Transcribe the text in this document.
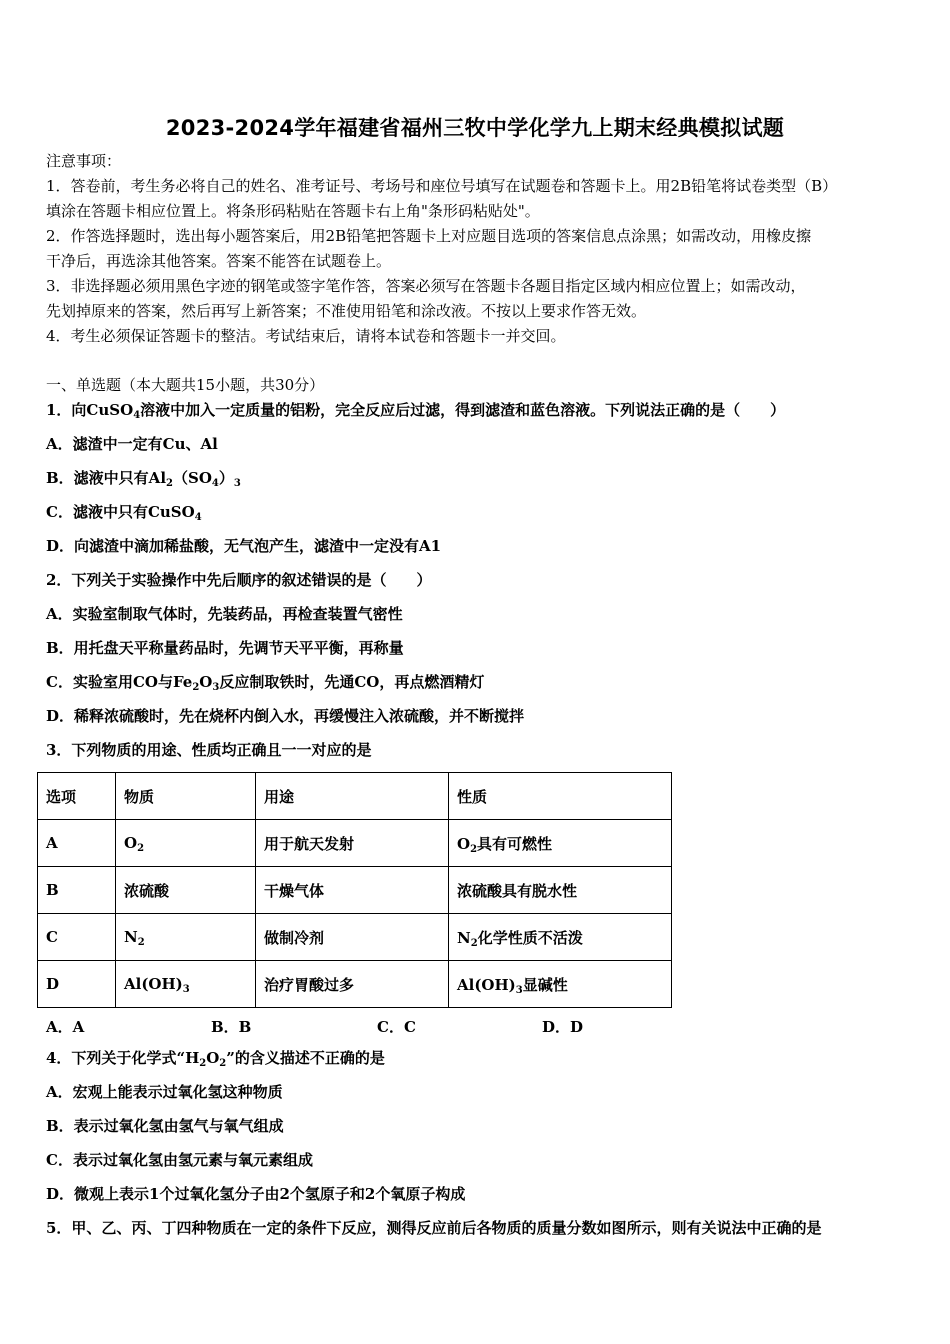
2023-2024学年福建省福州三牧中学化学九上期末经典模拟试题
注意事项：
1．答卷前，考生务必将自己的姓名、准考证号、考场号和座位号填写在试题卷和答题卡上。用2B铅笔将试卷类型（B）
填涂在答题卡相应位置上。将条形码粘贴在答题卡右上角"条形码粘贴处"。
2．作答选择题时，选出每小题答案后，用2B铅笔把答题卡上对应题目选项的答案信息点涂黑；如需改动，用橡皮擦
干净后，再选涂其他答案。答案不能答在试题卷上。
3．非选择题必须用黑色字迹的钢笔或签字笔作答，答案必须写在答题卡各题目指定区域内相应位置上；如需改动，
先划掉原来的答案，然后再写上新答案；不准使用铅笔和涂改液。不按以上要求作答无效。
4．考生必须保证答题卡的整洁。考试结束后，请将本试卷和答题卡一并交回。
一、单选题（本大题共15小题，共30分）
1．向CuSO$_4$溶液中加入一定质量的铝粉，完全反应后过滤，得到滤渣和蓝色溶液。下列说法正确的是（　　）
A．滤渣中一定有Cu、Al
B．滤液中只有$Al_2(SO_4)_3$
C．滤液中只有CuSO$_4$
D．向滤渣中滴加稀盐酸，无气泡产生，滤渣中一定没有A1
2．下列关于实验操作中先后顺序的叙述错误的是（　　）
A．实验室制取气体时，先装药品，再检查装置气密性
B．用托盘天平称量药品时，先调节天平平衡，再称量
C．实验室用CO与$Fe_2O_3$反应制取铁时，先通CO，再点燃酒精灯
D．稀释浓硫酸时，先在烧杯内倒入水，再缓慢注入浓硫酸，并不断搅拌
3．下列物质的用途、性质均正确且一一对应的是
选项	物质	用途	性质
A	$O_2$	用于航天发射	$O_2$具有可燃性
B	浓硫酸	干燥气体	浓硫酸具有脱水性
C	$N_2$	做制冷剂	$N_2$化学性质不活泼
D	$Al(OH)_3$	治疗胃酸过多	$Al(OH)_3$显碱性
A．A	B．B	C．C	D．D
4．下列关于化学式“$H_2O_2$”的含义描述不正确的是
A．宏观上能表示过氧化氢这种物质
B．表示过氧化氢由氢气与氧气组成
C．表示过氧化氢由氢元素与氧元素组成
D．微观上表示1个过氧化氢分子由2个氢原子和2个氧原子构成
5．甲、乙、丙、丁四种物质在一定的条件下反应，测得反应前后各物质的质量分数如图所示，则有关说法中正确的是
